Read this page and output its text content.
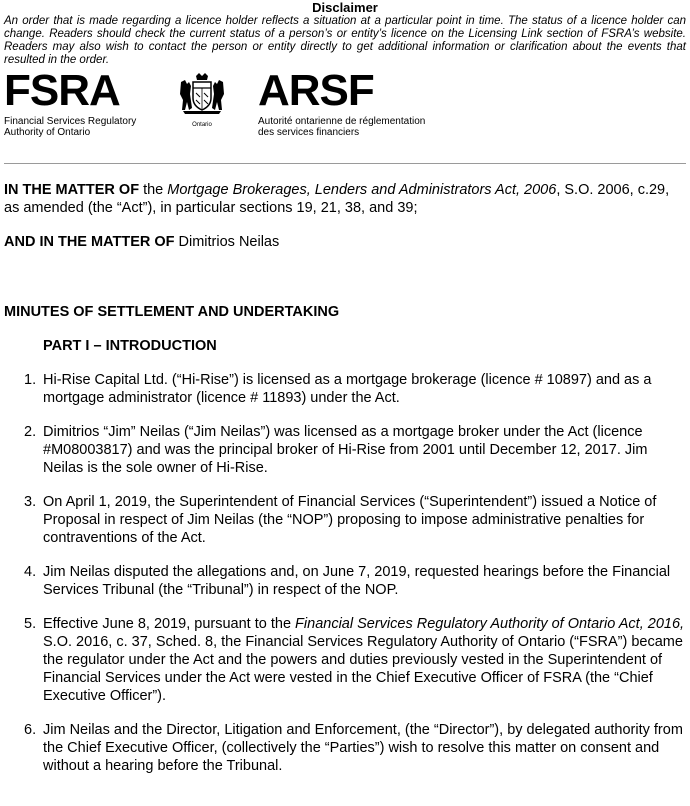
Disclaimer

An order that is made regarding a licence holder reflects a situation at a particular point in time. The status of a licence holder can change. Readers should check the current status of a person’s or entity’s licence on the Licensing Link section of FSRA’s website. Readers may also wish to contact the person or entity directly to get additional information or clarification about the events that resulted in the order.

FSRA
Financial Services Regulatory
Authority of Ontario
Ontario
ARSF
Autorité ontarienne de réglementation
des services financiers

IN THE MATTER OF the Mortgage Brokerages, Lenders and Administrators Act, 2006, S.O. 2006, c.29, as amended (the “Act”), in particular sections 19, 21, 38, and 39;

AND IN THE MATTER OF Dimitrios Neilas

MINUTES OF SETTLEMENT AND UNDERTAKING

PART I – INTRODUCTION

1. Hi-Rise Capital Ltd. (“Hi-Rise”) is licensed as a mortgage brokerage (licence # 10897) and as a mortgage administrator (licence # 11893) under the Act.
2. Dimitrios “Jim” Neilas (“Jim Neilas”) was licensed as a mortgage broker under the Act (licence #M08003817) and was the principal broker of Hi-Rise from 2001 until December 12, 2017. Jim Neilas is the sole owner of Hi-Rise.
3. On April 1, 2019, the Superintendent of Financial Services (“Superintendent”) issued a Notice of Proposal in respect of Jim Neilas (the “NOP”) proposing to impose administrative penalties for contraventions of the Act.
4. Jim Neilas disputed the allegations and, on June 7, 2019, requested hearings before the Financial Services Tribunal (the “Tribunal”) in respect of the NOP.
5. Effective June 8, 2019, pursuant to the Financial Services Regulatory Authority of Ontario Act, 2016, S.O. 2016, c. 37, Sched. 8, the Financial Services Regulatory Authority of Ontario (“FSRA”) became the regulator under the Act and the powers and duties previously vested in the Superintendent of Financial Services under the Act were vested in the Chief Executive Officer of FSRA (the “Chief Executive Officer”).
6. Jim Neilas and the Director, Litigation and Enforcement, (the “Director”), by delegated authority from the Chief Executive Officer, (collectively the “Parties”) wish to resolve this matter on consent and without a hearing before the Tribunal.
